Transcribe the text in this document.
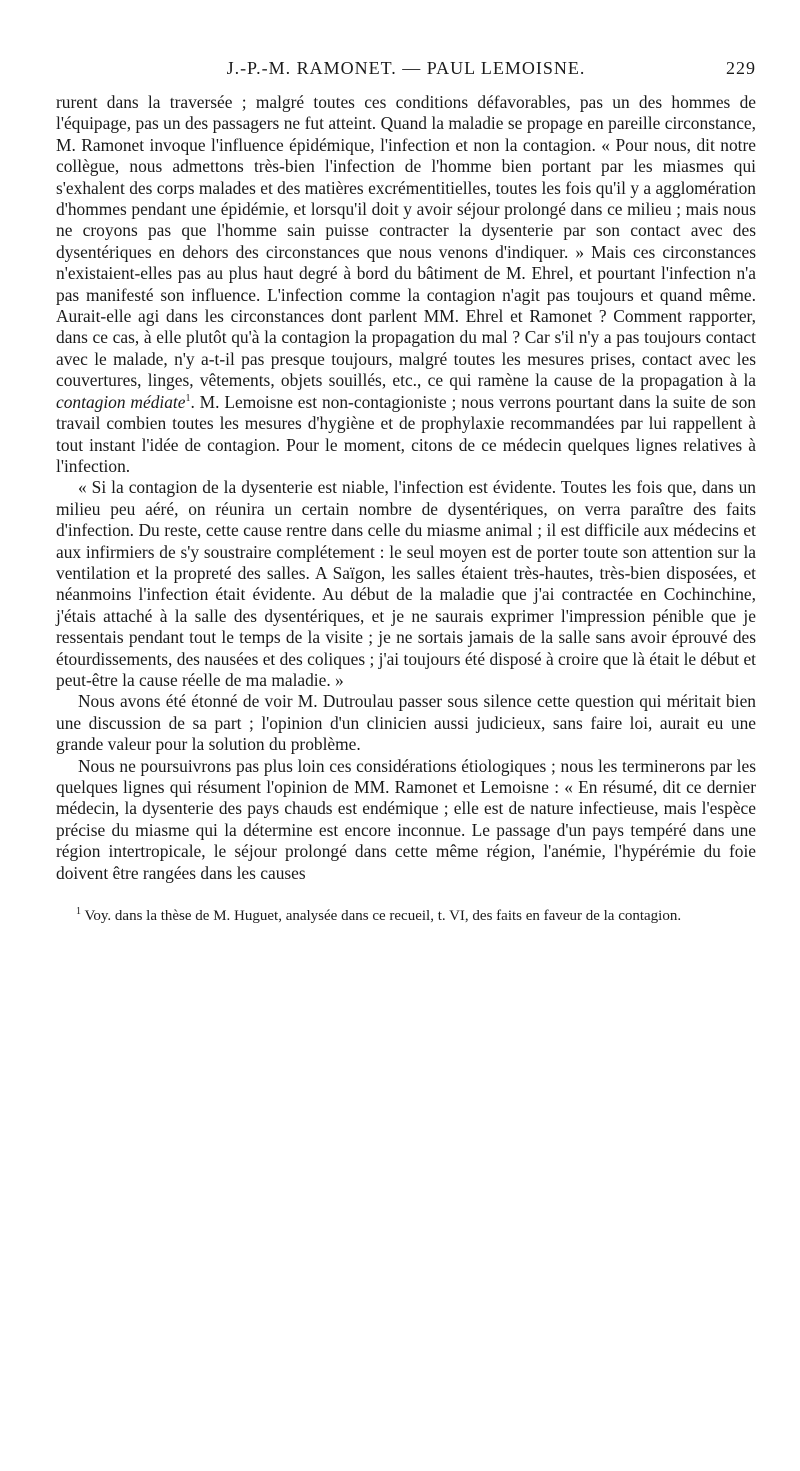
J.-P.-M. RAMONET. — PAUL LEMOISNE.	229

rurent dans la traversée ; malgré toutes ces conditions défavorables, pas un des hommes de l'équipage, pas un des passagers ne fut atteint. Quand la maladie se propage en pareille circonstance, M. Ramonet invoque l'influence épidémique, l'infection et non la contagion. « Pour nous, dit notre collègue, nous admettons très-bien l'infection de l'homme bien portant par les miasmes qui s'exhalent des corps malades et des matières excrémentitielles, toutes les fois qu'il y a agglomération d'hommes pendant une épidémie, et lorsqu'il doit y avoir séjour prolongé dans ce milieu ; mais nous ne croyons pas que l'homme sain puisse contracter la dysenterie par son contact avec des dysentériques en dehors des circonstances que nous venons d'indiquer. » Mais ces circonstances n'existaient-elles pas au plus haut degré à bord du bâtiment de M. Ehrel, et pourtant l'infection n'a pas manifesté son influence. L'infection comme la contagion n'agit pas toujours et quand même. Aurait-elle agi dans les circonstances dont parlent MM. Ehrel et Ramonet ? Comment rapporter, dans ce cas, à elle plutôt qu'à la contagion la propagation du mal ? Car s'il n'y a pas toujours contact avec le malade, n'y a-t-il pas presque toujours, malgré toutes les mesures prises, contact avec les couvertures, linges, vêtements, objets souillés, etc., ce qui ramène la cause de la propagation à la contagion médiate$^1$. M. Lemoisne est non-contagioniste ; nous verrons pourtant dans la suite de son travail combien toutes les mesures d'hygiène et de prophylaxie recommandées par lui rappellent à tout instant l'idée de contagion. Pour le moment, citons de ce médecin quelques lignes relatives à l'infection.

« Si la contagion de la dysenterie est niable, l'infection est évidente. Toutes les fois que, dans un milieu peu aéré, on réunira un certain nombre de dysentériques, on verra paraître des faits d'infection. Du reste, cette cause rentre dans celle du miasme animal ; il est difficile aux médecins et aux infirmiers de s'y soustraire complétement : le seul moyen est de porter toute son attention sur la ventilation et la propreté des salles. A Saïgon, les salles étaient très-hautes, très-bien disposées, et néanmoins l'infection était évidente. Au début de la maladie que j'ai contractée en Cochinchine, j'étais attaché à la salle des dysentériques, et je ne saurais exprimer l'impression pénible que je ressentais pendant tout le temps de la visite ; je ne sortais jamais de la salle sans avoir éprouvé des étourdissements, des nausées et des coliques ; j'ai toujours été disposé à croire que là était le début et peut-être la cause réelle de ma maladie. »

Nous avons été étonné de voir M. Dutroulau passer sous silence cette question qui méritait bien une discussion de sa part ; l'opinion d'un clinicien aussi judicieux, sans faire loi, aurait eu une grande valeur pour la solution du problème.

Nous ne poursuivrons pas plus loin ces considérations étiologiques ; nous les terminerons par les quelques lignes qui résument l'opinion de MM. Ramonet et Lemoisne : « En résumé, dit ce dernier médecin, la dysenterie des pays chauds est endémique ; elle est de nature infectieuse, mais l'espèce précise du miasme qui la détermine est encore inconnue. Le passage d'un pays tempéré dans une région intertropicale, le séjour prolongé dans cette même région, l'anémie, l'hypérémie du foie doivent être rangées dans les causes

$^1$ Voy. dans la thèse de M. Huguet, analysée dans ce recueil, t. VI, des faits en faveur de la contagion.
